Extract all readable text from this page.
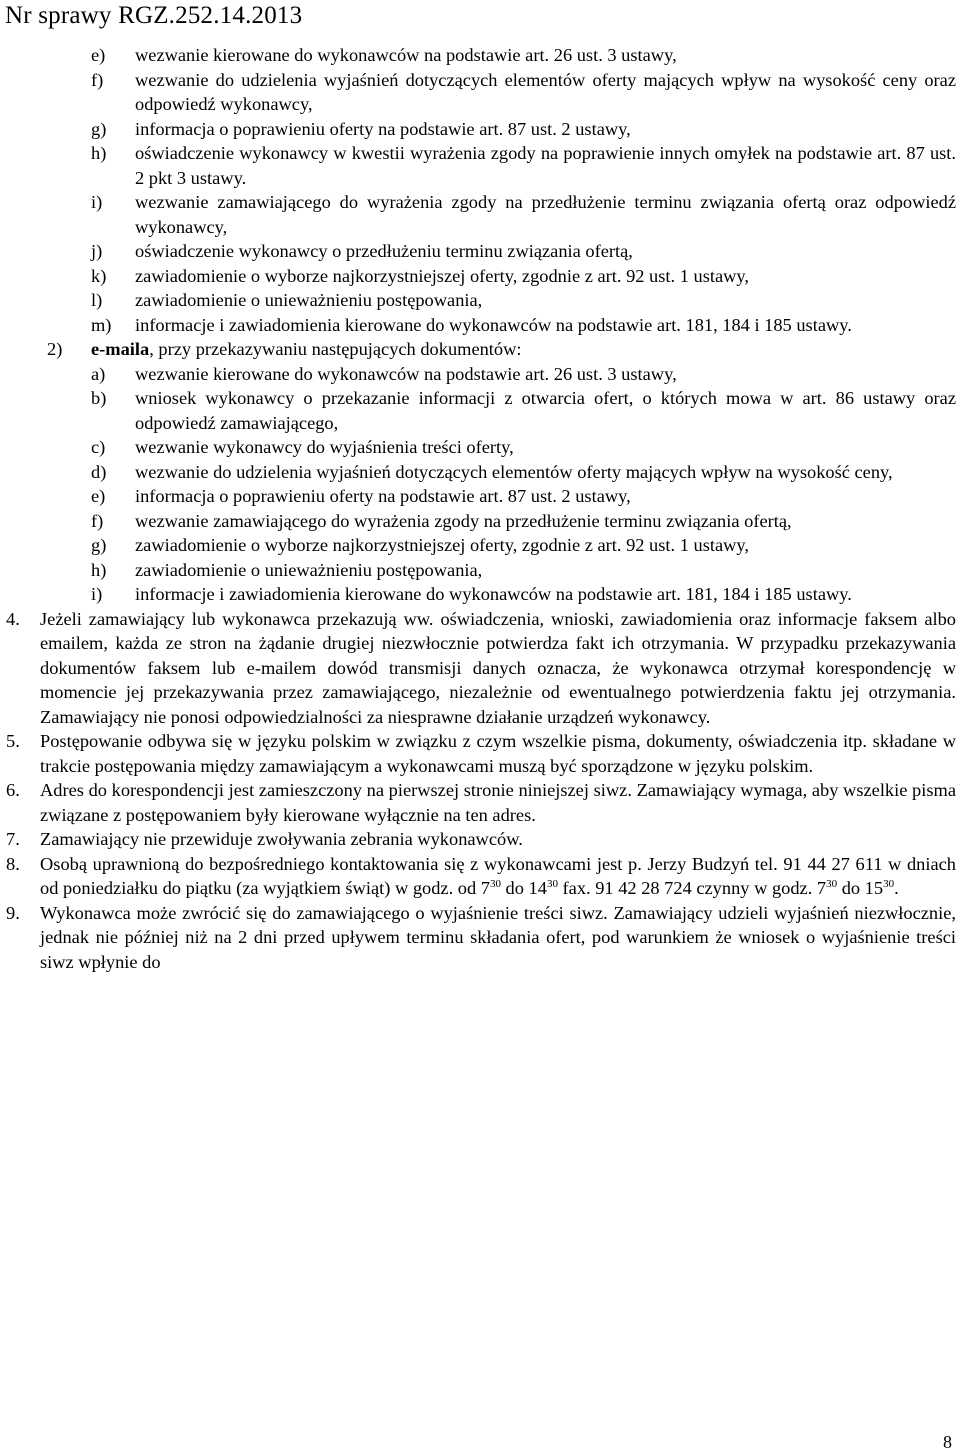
Nr sprawy RGZ.252.14.2013
e) wezwanie kierowane do wykonawców na podstawie art. 26 ust. 3 ustawy,
f) wezwanie do udzielenia wyjaśnień dotyczących elementów oferty mających wpływ na wysokość ceny oraz odpowiedź wykonawcy,
g) informacja o poprawieniu oferty na podstawie art. 87 ust. 2 ustawy,
h) oświadczenie wykonawcy w kwestii wyrażenia zgody na poprawienie innych omyłek na podstawie art. 87 ust. 2 pkt 3 ustawy.
i) wezwanie zamawiającego do wyrażenia zgody na przedłużenie terminu związania ofertą oraz odpowiedź wykonawcy,
j) oświadczenie wykonawcy o przedłużeniu terminu związania ofertą,
k) zawiadomienie o wyborze najkorzystniejszej oferty, zgodnie z art. 92 ust. 1 ustawy,
l) zawiadomienie o unieważnieniu postępowania,
m) informacje i zawiadomienia kierowane do wykonawców na podstawie art. 181, 184 i 185 ustawy.
2) e-maila, przy przekazywaniu następujących dokumentów:
a) wezwanie kierowane do wykonawców na podstawie art. 26 ust. 3 ustawy,
b) wniosek wykonawcy o przekazanie informacji z otwarcia ofert, o których mowa w art. 86 ustawy oraz odpowiedź zamawiającego,
c) wezwanie wykonawcy do wyjaśnienia treści oferty,
d) wezwanie do udzielenia wyjaśnień dotyczących elementów oferty mających wpływ na wysokość ceny,
e) informacja o poprawieniu oferty na podstawie art. 87 ust. 2 ustawy,
f) wezwanie zamawiającego do wyrażenia zgody na przedłużenie terminu związania ofertą,
g) zawiadomienie o wyborze najkorzystniejszej oferty, zgodnie z art. 92 ust. 1 ustawy,
h) zawiadomienie o unieważnieniu postępowania,
i) informacje i zawiadomienia kierowane do wykonawców na podstawie art. 181, 184 i 185 ustawy.
4. Jeżeli zamawiający lub wykonawca przekazują ww. oświadczenia, wnioski, zawiadomienia oraz informacje faksem albo emailem, każda ze stron na żądanie drugiej niezwłocznie potwierdza fakt ich otrzymania. W przypadku przekazywania dokumentów faksem lub e-mailem dowód transmisji danych oznacza, że wykonawca otrzymał korespondencję w momencie jej przekazywania przez zamawiającego, niezależnie od ewentualnego potwierdzenia faktu jej otrzymania. Zamawiający nie ponosi odpowiedzialności za niesprawne działanie urządzeń wykonawcy.
5. Postępowanie odbywa się w języku polskim w związku z czym wszelkie pisma, dokumenty, oświadczenia itp. składane w trakcie postępowania między zamawiającym a wykonawcami muszą być sporządzone w języku polskim.
6. Adres do korespondencji jest zamieszczony na pierwszej stronie niniejszej siwz. Zamawiający wymaga, aby wszelkie pisma związane z postępowaniem były kierowane wyłącznie na ten adres.
7. Zamawiający nie przewiduje zwoływania zebrania wykonawców.
8. Osobą uprawnioną do bezpośredniego kontaktowania się z wykonawcami jest p. Jerzy Budzyń tel. 91 44 27 611 w dniach od poniedziałku do piątku (za wyjątkiem świąt) w godz. od $7^{30}$ do $14^{30}$ fax. 91 42 28 724 czynny w godz. $7^{30}$ do $15^{30}$.
9. Wykonawca może zwrócić się do zamawiającego o wyjaśnienie treści siwz. Zamawiający udzieli wyjaśnień niezwłocznie, jednak nie później niż na 2 dni przed upływem terminu składania ofert, pod warunkiem że wniosek o wyjaśnienie treści siwz wpłynie do
8
